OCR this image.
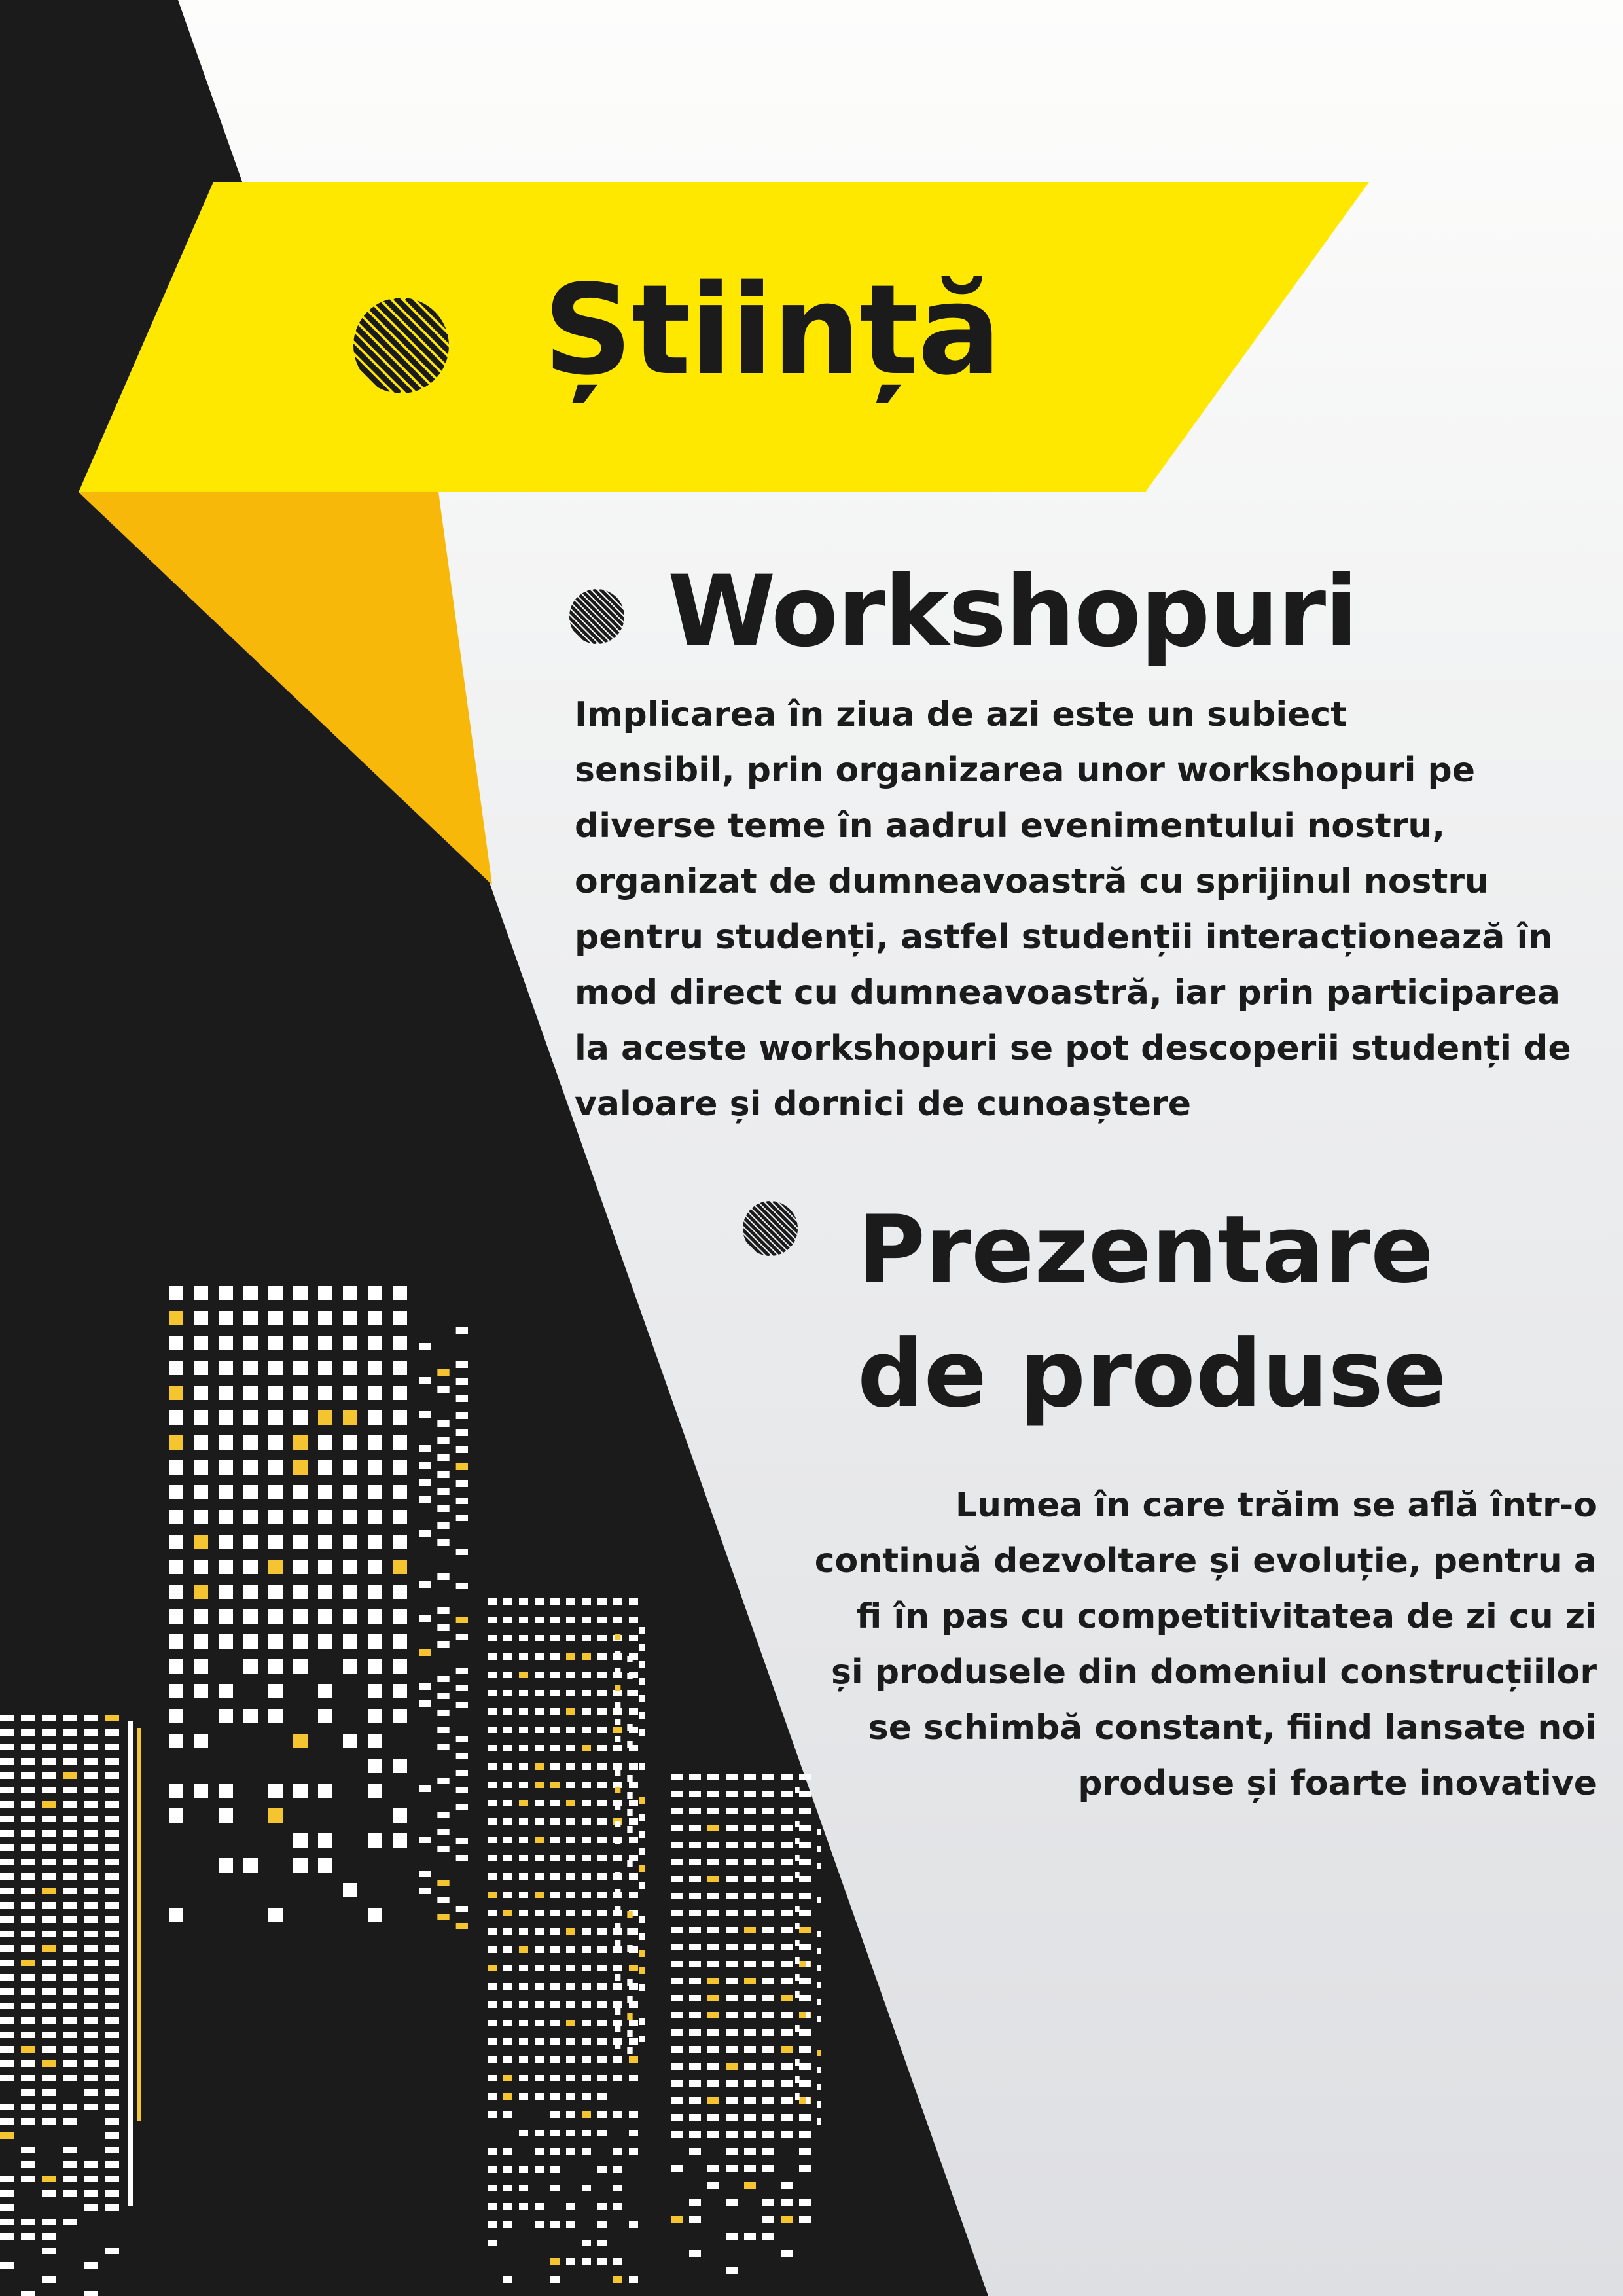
Știință
Workshopuri

Implicarea în ziua de azi este un subiect
sensibil, prin organizarea unor workshopuri pe
diverse teme în aadrul evenimentului nostru,
organizat de dumneavoastră cu sprijinul nostru
pentru studenți, astfel studenții interacționează în
mod direct cu dumneavoastră, iar prin participarea
la aceste workshopuri se pot descoperii studenți de
valoare și dornici de cunoaștere

Prezentare
de produse

Lumea în care trăim se află într-o
continuă dezvoltare și evoluție, pentru a
fi în pas cu competitivitatea de zi cu zi
și produsele din domeniul construcțiilor
se schimbă constant, fiind lansate noi
produse și foarte inovative
